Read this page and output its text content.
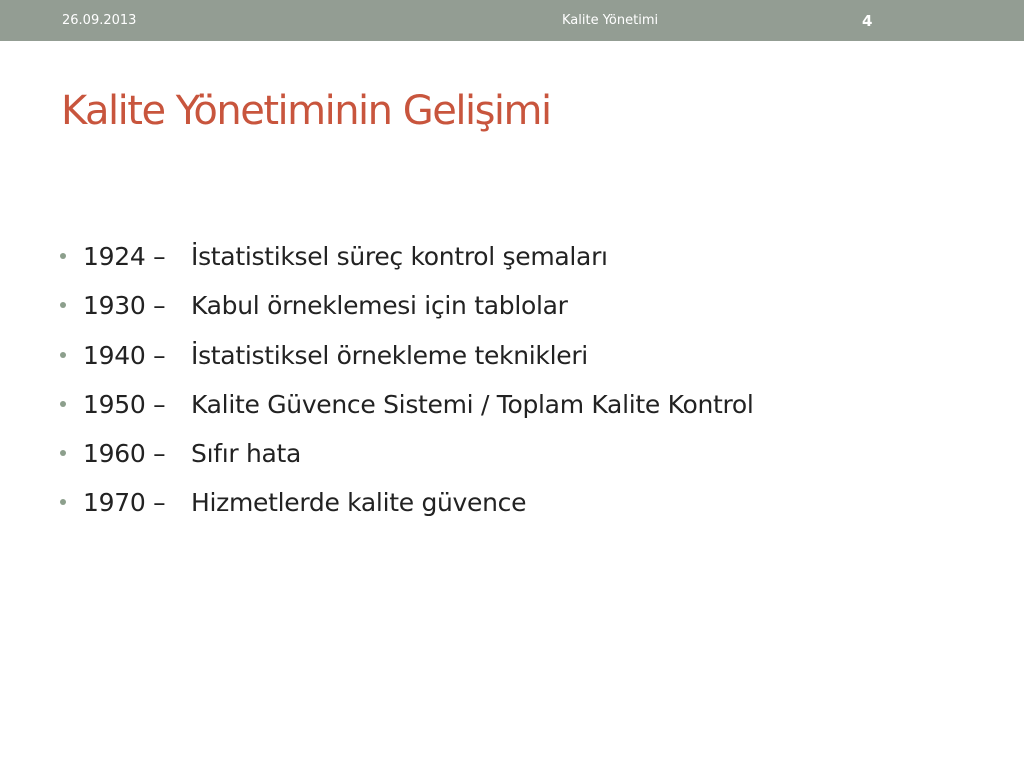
26.09.2013	Kalite Yönetimi	4
Kalite Yönetiminin Gelişimi
1924 – İstatistiksel süreç kontrol şemaları
1930 – Kabul örneklemesi için tablolar
1940 – İstatistiksel örnekleme teknikleri
1950 – Kalite Güvence Sistemi / Toplam Kalite Kontrol
1960 – Sıfır hata
1970 – Hizmetlerde kalite güvence
